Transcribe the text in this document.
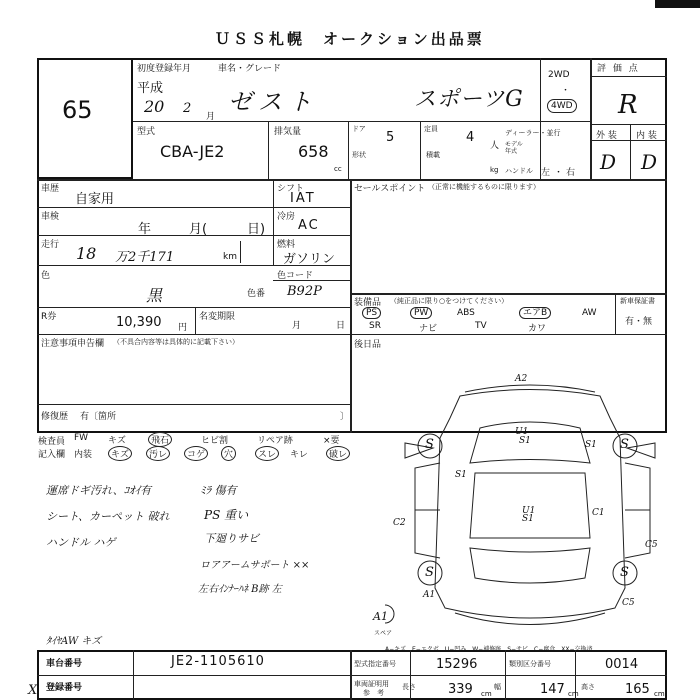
ＵＳＳ札幌　オークション出品票
65
初度登録年月
平成
20 2
月
車名・グレード
ゼスト	スポーツG
2WD
・
4WD
評 価 点
R
外 装 内 装
D D
型式
CBA-JE2
排気量
658
cc
ドア
5
定員
4
人
形状	積載
ディーラー・並行
モデル年式
kg ハンドル 左 ・ 右
車歴
自家用
シフト
IAT
車検
年	月(	日)
冷房
AC
走行 18 万2千171	km
燃料
ガソリン
色
黒
色コード
色番 B92P
R券	10,390 円
名変期限
月	日
注意事項申告欄 （不具合内容等は具体的に記載下さい）
修復歴 有〔箇所	〕
セールスポイント （正常に機能するものに限ります）
装備品 （純正品に限り○をつけてください）
PS	PW	ABS	エアB	AW
SR	ナビ	TV	カワ
新車保証書
有・無
後日品
検査員
記入欄
FW キズ	飛石	ヒビ割	リペア跡	×要
内装	キズ	汚レ	コゲ	穴	スレ	キレ	破レ
運席ドギ汚れ、ｺｵｲ有
シート、カーペット 破れ
ハンドル ハゲ
ﾐﾗ 傷有
PS 重い
下廻りサビ
ロアアームサポート ××
左右ｲﾝﾅｰﾊﾈ B跡 左
ﾀｲﾔAW キズ
A2
U1
S1	S1
S1
U1
S1
C2
C1
C5
C5
S	S
S	S
A1
A1
スペア
A−キズ　E−エクボ　U−凹み　W−補修跡　S−サビ　C−腐食　XX−交換済
車台番号	JE2-1105610
登録番号
X
型式指定番号	15296	類別区分番号	0014
車両証明用
参　考
長さ 339 cm
幅	147 cm
高さ 165 cm
